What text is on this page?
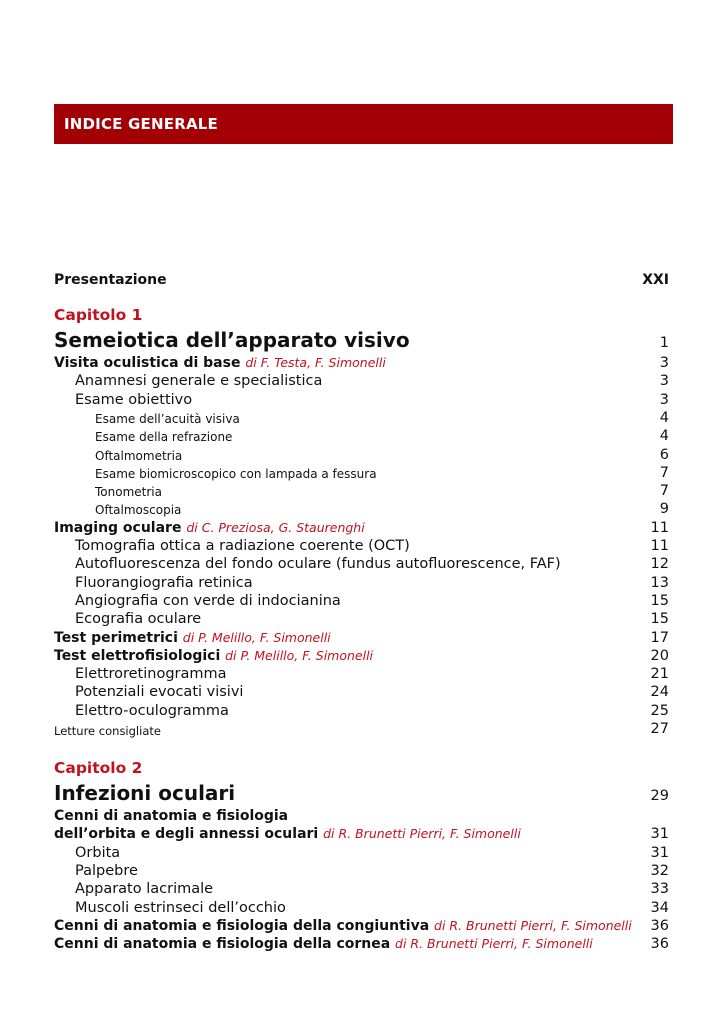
INDICE GENERALE
Presentazione	XXI
Capitolo 1
Semeiotica dell’apparato visivo	1
Visita oculistica di base di F. Testa, F. Simonelli	3
Anamnesi generale e specialistica	3
Esame obiettivo	3
Esame dell’acuità visiva	4
Esame della refrazione	4
Oftalmometria	6
Esame biomicroscopico con lampada a fessura	7
Tonometria	7
Oftalmoscopia	9
Imaging oculare di C. Preziosa, G. Staurenghi	11
Tomografia ottica a radiazione coerente (OCT)	11
Autofluorescenza del fondo oculare (fundus autofluorescence, FAF)	12
Fluorangiografia retinica	13
Angiografia con verde di indocianina	15
Ecografia oculare	15
Test perimetrici di P. Melillo, F. Simonelli	17
Test elettrofisiologici di P. Melillo, F. Simonelli	20
Elettroretinogramma	21
Potenziali evocati visivi	24
Elettro-oculogramma	25
Letture consigliate	27
Capitolo 2
Infezioni oculari	29
Cenni di anatomia e fisiologia
dell’orbita e degli annessi oculari di R. Brunetti Pierri, F. Simonelli	31
Orbita	31
Palpebre	32
Apparato lacrimale	33
Muscoli estrinseci dell’occhio	34
Cenni di anatomia e fisiologia della congiuntiva di R. Brunetti Pierri, F. Simonelli 36
Cenni di anatomia e fisiologia della cornea di R. Brunetti Pierri, F. Simonelli	36
